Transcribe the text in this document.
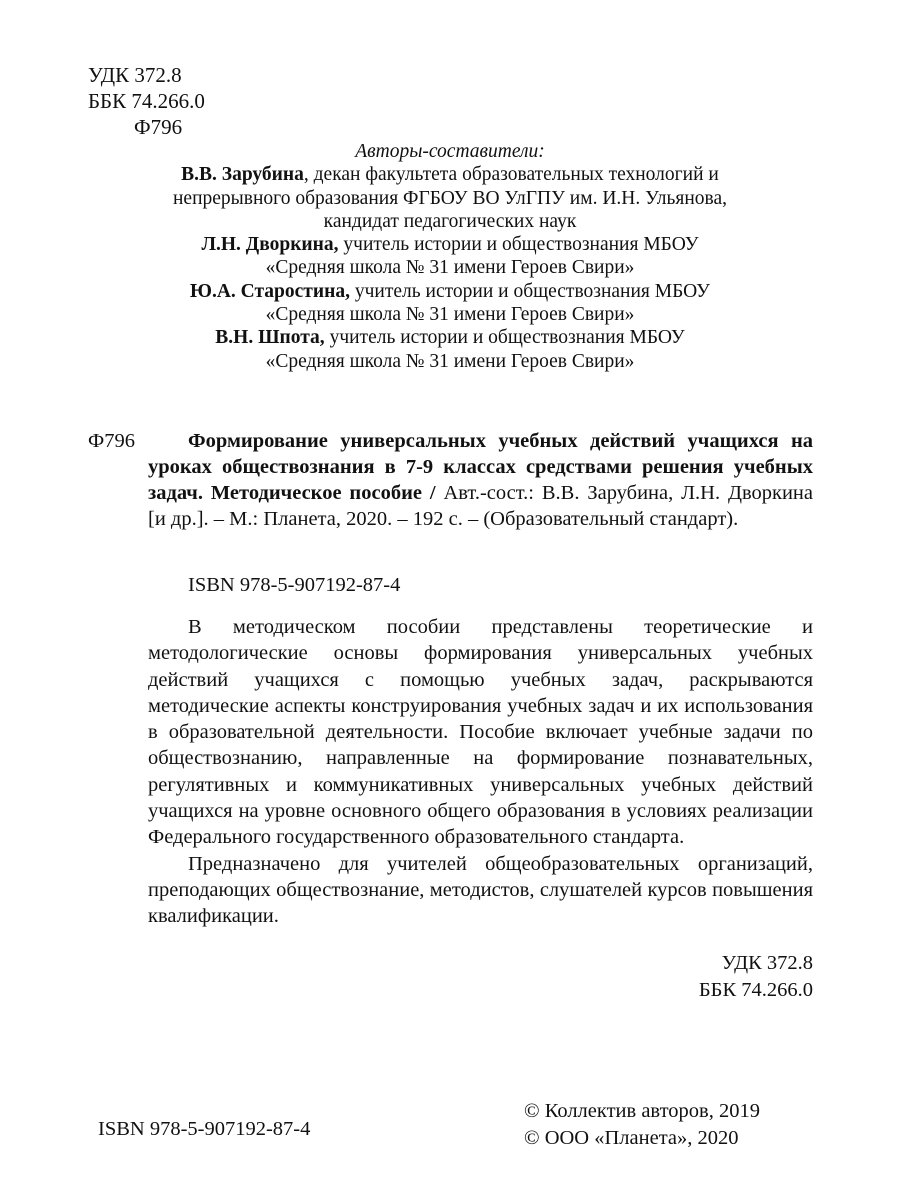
УДК 372.8
ББК 74.266.0
Ф796
Авторы-составители:
В.В. Зарубина, декан факультета образовательных технологий и
непрерывного образования ФГБОУ ВО УлГПУ им. И.Н. Ульянова,
кандидат педагогических наук
Л.Н. Дворкина, учитель истории и обществознания МБОУ
«Средняя школа № 31 имени Героев Свири»
Ю.А. Старостина, учитель истории и обществознания МБОУ
«Средняя школа № 31 имени Героев Свири»
В.Н. Шпота, учитель истории и обществознания МБОУ
«Средняя школа № 31 имени Героев Свири»
Ф796	Формирование универсальных учебных действий учащихся на уроках обществознания в 7-9 классах средствами решения учебных задач. Методическое пособие / Авт.-сост.: В.В. Зарубина, Л.Н. Дворкина [и др.]. – М.: Планета, 2020. – 192 с. – (Образовательный стандарт).
ISBN 978-5-907192-87-4

В методическом пособии представлены теоретические и методологические основы формирования универсальных учебных действий учащихся с помощью учебных задач, раскрываются методические аспекты конструирования учебных задач и их использования в образовательной деятельности. Пособие включает учебные задачи по обществознанию, направленные на формирование познавательных, регулятивных и коммуникативных универсальных учебных действий учащихся на уровне основного общего образования в условиях реализации Федерального государственного образовательного стандарта.

Предназначено для учителей общеобразовательных организаций, преподающих обществознание, методистов, слушателей курсов повышения квалификации.

УДК 372.8
ББК 74.266.0
ISBN 978-5-907192-87-4
© Коллектив авторов, 2019
© ООО «Планета», 2020
